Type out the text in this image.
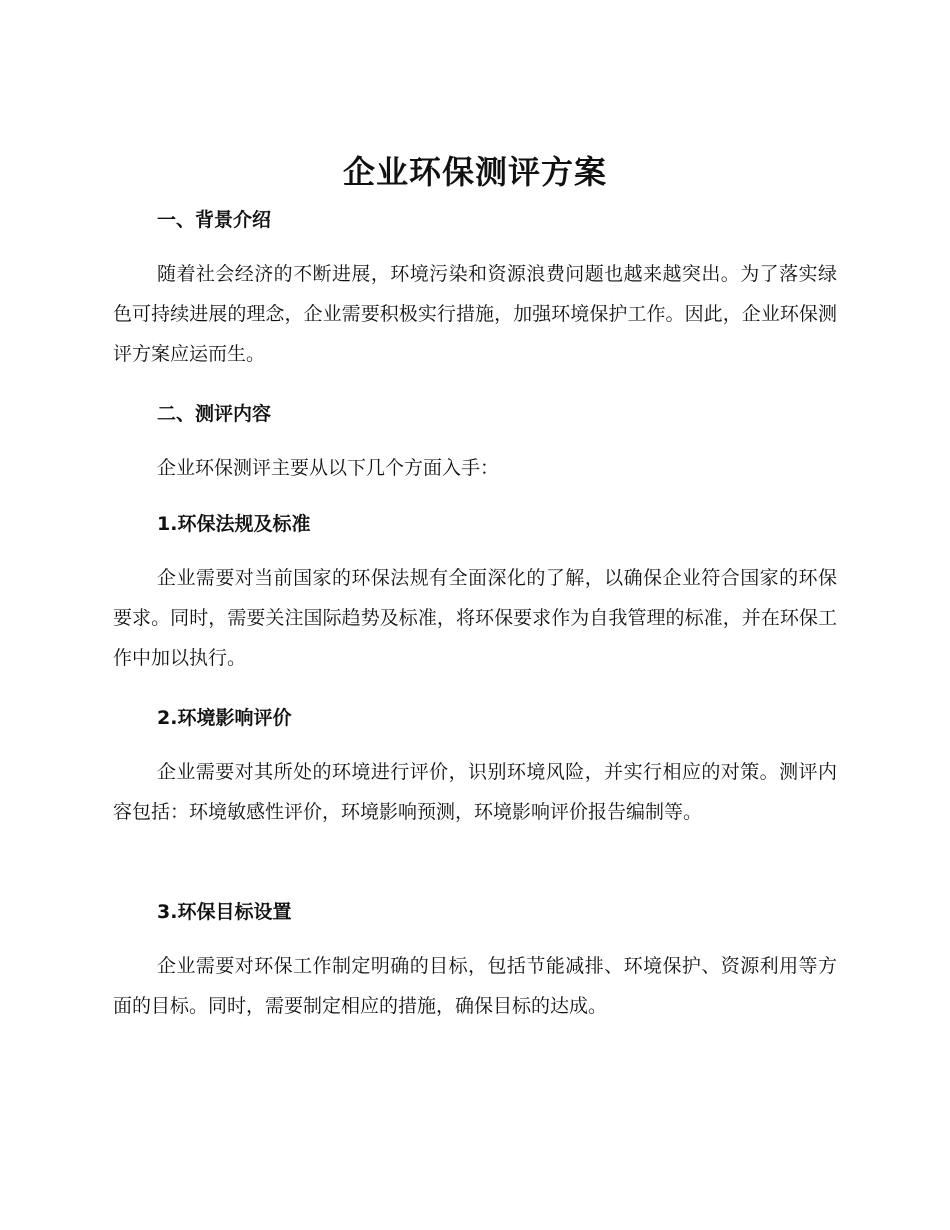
企业环保测评方案
一、背景介绍
随着社会经济的不断进展，环境污染和资源浪费问题也越来越突出。为了落实绿色可持续进展的理念，企业需要积极实行措施，加强环境保护工作。因此，企业环保测评方案应运而生。
二、测评内容
企业环保测评主要从以下几个方面入手：
1.环保法规及标准
企业需要对当前国家的环保法规有全面深化的了解，以确保企业符合国家的环保要求。同时，需要关注国际趋势及标准，将环保要求作为自我管理的标准，并在环保工作中加以执行。
2.环境影响评价
企业需要对其所处的环境进行评价，识别环境风险，并实行相应的对策。测评内容包括：环境敏感性评价，环境影响预测，环境影响评价报告编制等。
3.环保目标设置
企业需要对环保工作制定明确的目标，包括节能减排、环境保护、资源利用等方面的目标。同时，需要制定相应的措施，确保目标的达成。
